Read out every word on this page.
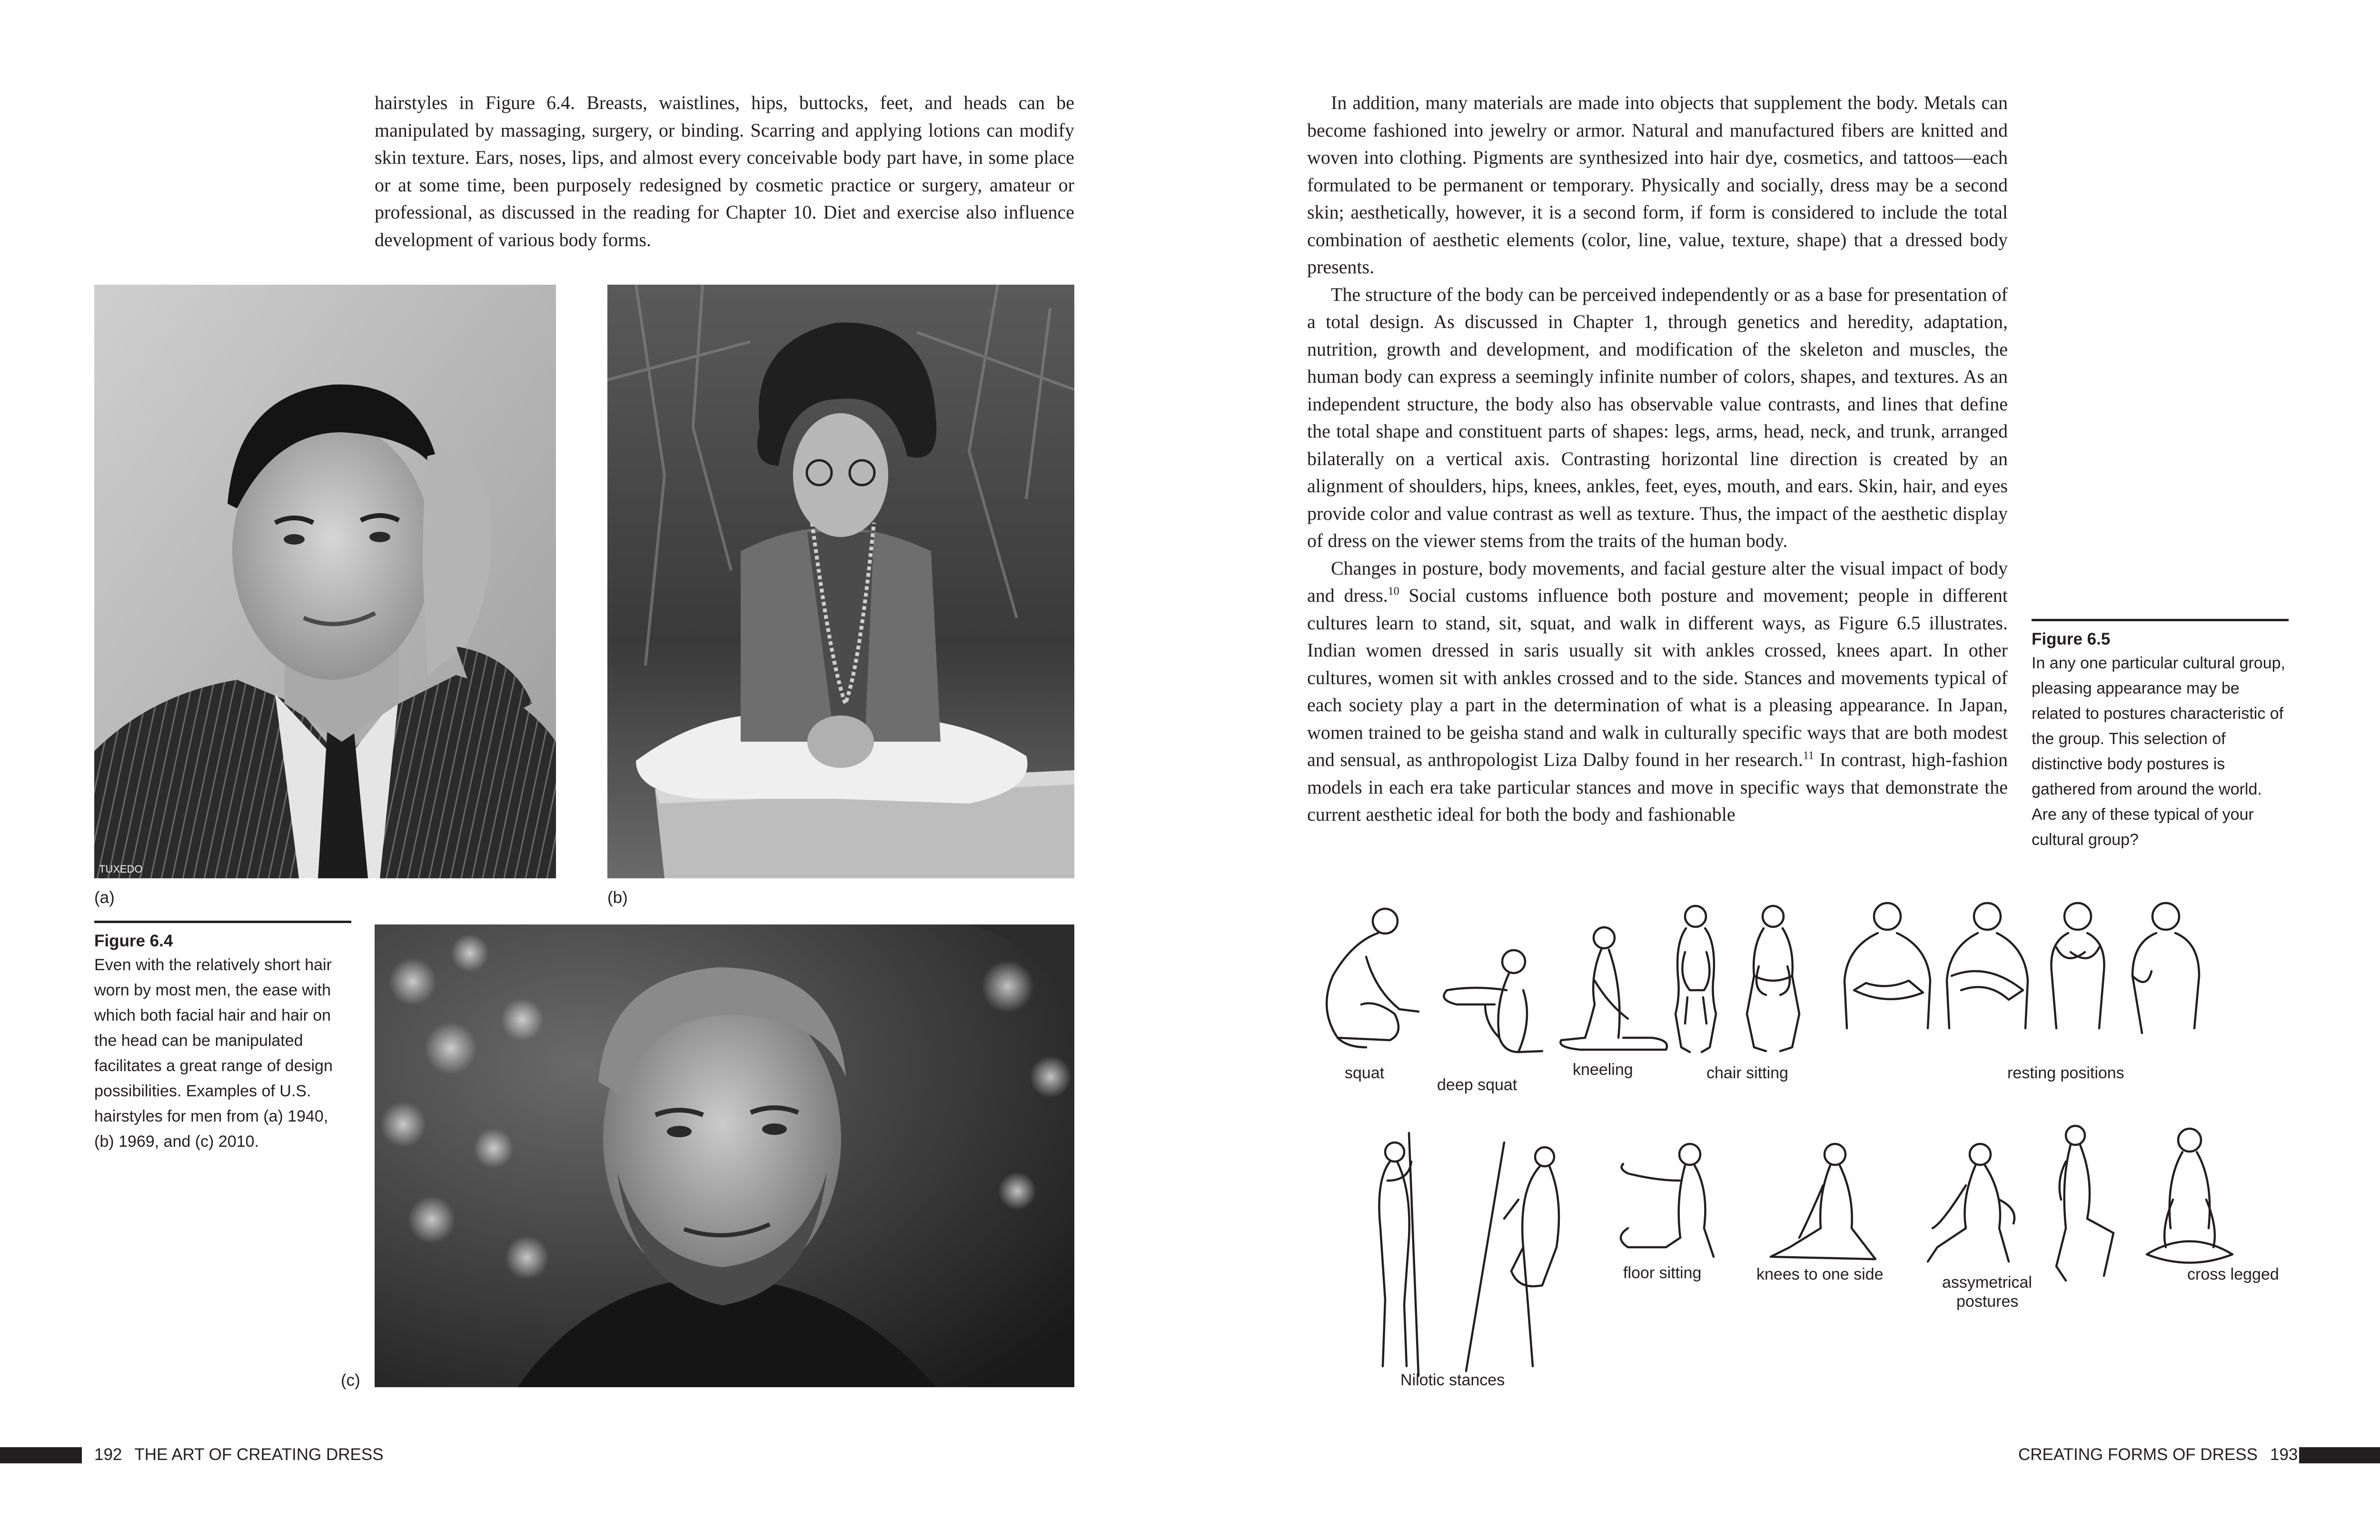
hairstyles in Figure 6.4. Breasts, waistlines, hips, buttocks, feet, and heads can be manipulated by massaging, surgery, or binding. Scarring and applying lotions can modify skin texture. Ears, noses, lips, and almost every conceivable body part have, in some place or at some time, been purposely redesigned by cosmetic practice or surgery, amateur or professional, as discussed in the reading for Chapter 10. Diet and exercise also influence development of various body forms.

TUXEDO
(a)	(b)
(c)
Figure 6.4
Even with the relatively short hair worn by most men, the ease with which both facial hair and hair on the head can be manipulated facilitates a great range of design possibilities. Examples of U.S. hairstyles for men from (a) 1940, (b) 1969, and (c) 2010.
192 THE ART OF CREATING DRESS

In addition, many materials are made into objects that supplement the body. Metals can become fashioned into jewelry or armor. Natural and manufactured fibers are knitted and woven into clothing. Pigments are synthesized into hair dye, cosmetics, and tattoos—each formulated to be permanent or temporary. Physically and socially, dress may be a second skin; aesthetically, however, it is a second form, if form is considered to include the total combination of aesthetic elements (color, line, value, texture, shape) that a dressed body presents.

The structure of the body can be perceived independently or as a base for presentation of a total design. As discussed in Chapter 1, through genetics and heredity, adaptation, nutrition, growth and development, and modification of the skeleton and muscles, the human body can express a seemingly infinite number of colors, shapes, and textures. As an independent structure, the body also has observable value contrasts, and lines that define the total shape and constituent parts of shapes: legs, arms, head, neck, and trunk, arranged bilaterally on a vertical axis. Contrasting horizontal line direction is created by an alignment of shoulders, hips, knees, ankles, feet, eyes, mouth, and ears. Skin, hair, and eyes provide color and value contrast as well as texture. Thus, the impact of the aesthetic display of dress on the viewer stems from the traits of the human body.

Changes in posture, body movements, and facial gesture alter the visual impact of body and dress.$^{10}$ Social customs influence both posture and movement; people in different cultures learn to stand, sit, squat, and walk in different ways, as Figure 6.5 illustrates. Indian women dressed in saris usually sit with ankles crossed, knees apart. In other cultures, women sit with ankles crossed and to the side. Stances and movements typical of each society play a part in the determination of what is a pleasing appearance. In Japan, women trained to be geisha stand and walk in culturally specific ways that are both modest and sensual, as anthropologist Liza Dalby found in her research.$^{11}$ In contrast, high-fashion models in each era take particular stances and move in specific ways that demonstrate the current aesthetic ideal for both the body and fashionable

Figure 6.5
In any one particular cultural group, pleasing appearance may be related to postures characteristic of the group. This selection of distinctive body postures is gathered from around the world. Are any of these typical of your cultural group?
squat
deep squat
kneeling	chair sitting	resting positions
floor sitting	knees to one side	assymetrical
postures
cross legged
Nilotic stances
CREATING FORMS OF DRESS 193
